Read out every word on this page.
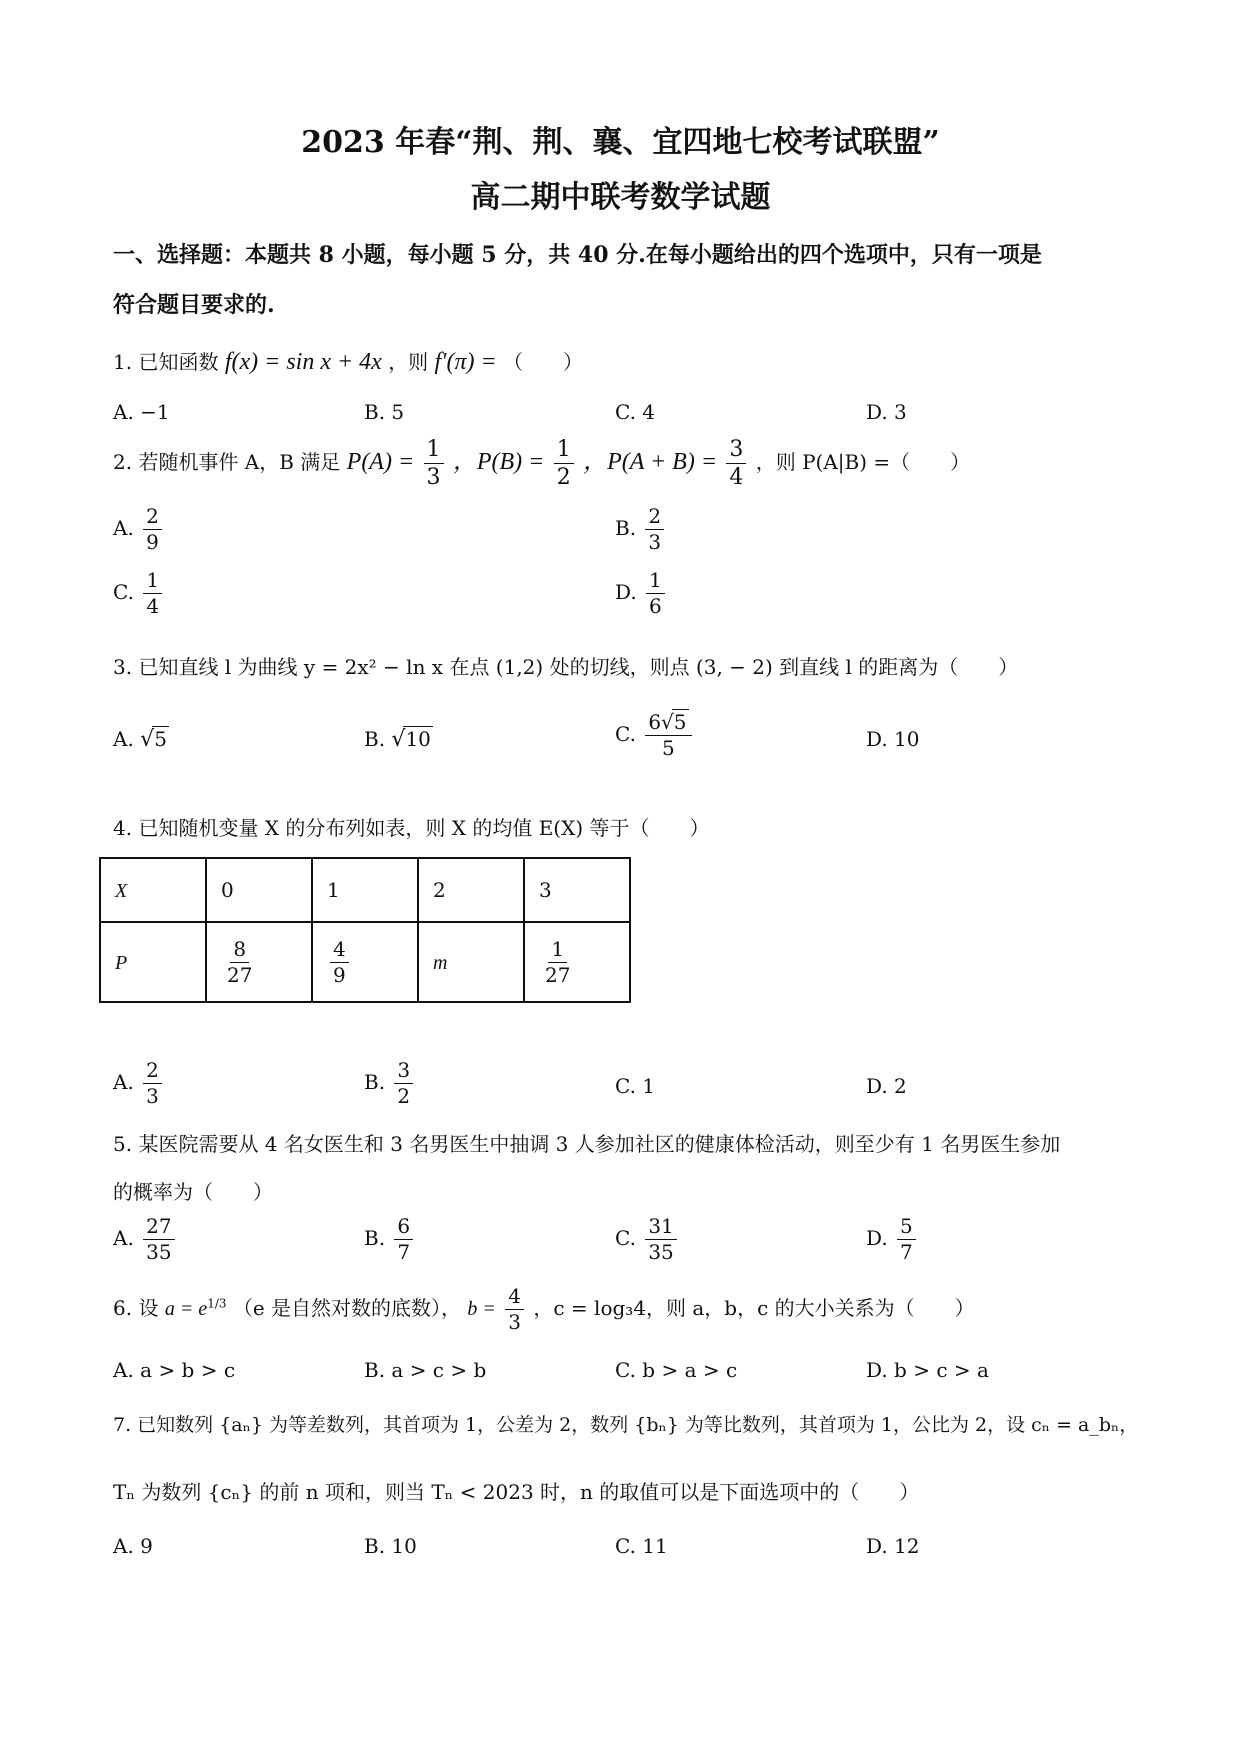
2023 年春“荆、荆、襄、宜四地七校考试联盟”
高二期中联考数学试题
一、选择题：本题共 8 小题，每小题 5 分，共 40 分.在每小题给出的四个选项中，只有一项是
符合题目要求的.
1. 已知函数 f(x) = sin x + 4x ，则 f′(π) = （　　）
A. −1	B. 5	C. 4	D. 3
2. 若随机事件 A，B 满足 $P(A) = \frac{1}{3}$ ，$P(B) = \frac{1}{2}$ ，$P(A + B) = \frac{3}{4}$ ，则 P(A|B) =（　　）
A. $\frac{2}{9}$	B. $\frac{2}{3}$
C. $\frac{1}{4}$	D. $\frac{1}{6}$
3. 已知直线 l 为曲线 y = 2x² − ln x 在点 (1,2) 处的切线，则点 (3, − 2) 到直线 l 的距离为（　　）
A. √5	B. √10	C. $\frac{6√5}{5}$	D. 10
4. 已知随机变量 X 的分布列如表，则 X 的均值 E(X) 等于（　　）
X	0	1	2	3
P	$\frac{8}{27}$	$\frac{4}{9}$	m	$\frac{1}{27}$
A. $\frac{2}{3}$	B. $\frac{3}{2}$	C. 1	D. 2
5. 某医院需要从 4 名女医生和 3 名男医生中抽调 3 人参加社区的健康体检活动，则至少有 1 名男医生参加
的概率为（　　）
A. $\frac{27}{35}$	B. $\frac{6}{7}$	C. $\frac{31}{35}$	D. $\frac{5}{7}$
6. 设 $a = e^{1/3}$ （e 是自然对数的底数）， $b = \frac{4}{3}$ ，c = log₃4，则 a，b，c 的大小关系为（　　）
A. a > b > c	B. a > c > b	C. b > a > c	D. b > c > a
7. 已知数列 {aₙ} 为等差数列，其首项为 1，公差为 2，数列 {bₙ} 为等比数列，其首项为 1，公比为 2，设 cₙ = a_bₙ，
Tₙ 为数列 {cₙ} 的前 n 项和，则当 Tₙ < 2023 时，n 的取值可以是下面选项中的（　　）
A. 9	B. 10	C. 11	D. 12
